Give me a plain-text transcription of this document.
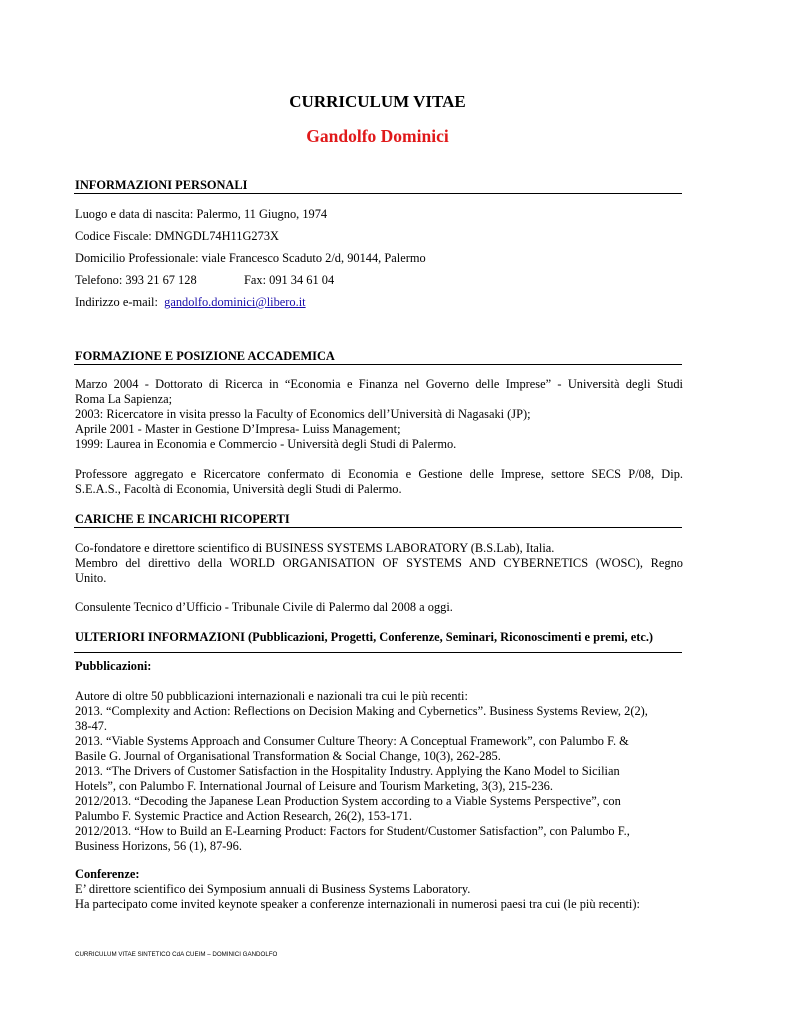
CURRICULUM VITAE
Gandolfo Dominici
INFORMAZIONI PERSONALI
Luogo e data di nascita: Palermo, 11 Giugno, 1974
Codice Fiscale: DMNGDL74H11G273X
Domicilio Professionale: viale Francesco Scaduto 2/d, 90144, Palermo
Telefono: 393 21 67 128	Fax: 091 34 61 04
Indirizzo e-mail: gandolfo.dominici@libero.it
FORMAZIONE E POSIZIONE ACCADEMICA
Marzo 2004 - Dottorato di Ricerca in “Economia e Finanza nel Governo delle Imprese” - Università degli Studi
Roma La Sapienza;
2003: Ricercatore in visita presso la Faculty of Economics dell’Università di Nagasaki (JP);
Aprile 2001 - Master in Gestione D’Impresa- Luiss Management;
1999: Laurea in Economia e Commercio - Università degli Studi di Palermo.
Professore aggregato e Ricercatore confermato di Economia e Gestione delle Imprese, settore SECS P/08, Dip.
S.E.A.S., Facoltà di Economia, Università degli Studi di Palermo.
CARICHE E INCARICHI RICOPERTI
Co-fondatore e direttore scientifico di BUSINESS SYSTEMS LABORATORY (B.S.Lab), Italia.
Membro del direttivo della WORLD ORGANISATION OF SYSTEMS AND CYBERNETICS (WOSC), Regno
Unito.
Consulente Tecnico d’Ufficio - Tribunale Civile di Palermo dal 2008 a oggi.
ULTERIORI INFORMAZIONI (Pubblicazioni, Progetti, Conferenze, Seminari, Riconoscimenti e premi, etc.)
Pubblicazioni:
Autore di oltre 50 pubblicazioni internazionali e nazionali tra cui le più recenti:
2013. “Complexity and Action: Reflections on Decision Making and Cybernetics”. Business Systems Review, 2(2),
38-47.
2013. “Viable Systems Approach and Consumer Culture Theory: A Conceptual Framework”, con Palumbo F. &
Basile G. Journal of Organisational Transformation & Social Change, 10(3), 262-285.
2013. “The Drivers of Customer Satisfaction in the Hospitality Industry. Applying the Kano Model to Sicilian
Hotels”, con Palumbo F. International Journal of Leisure and Tourism Marketing, 3(3), 215-236.
2012/2013. “Decoding the Japanese Lean Production System according to a Viable Systems Perspective”, con
Palumbo F. Systemic Practice and Action Research, 26(2), 153-171.
2012/2013. “How to Build an E-Learning Product: Factors for Student/Customer Satisfaction”, con Palumbo F.,
Business Horizons, 56 (1), 87-96.
Conferenze:
E’ direttore scientifico dei Symposium annuali di Business Systems Laboratory.
Ha partecipato come invited keynote speaker a conferenze internazionali in numerosi paesi tra cui (le più recenti):
CURRICULUM VITAE SINTETICO CdA CUEIM – DOMINICI GANDOLFO
